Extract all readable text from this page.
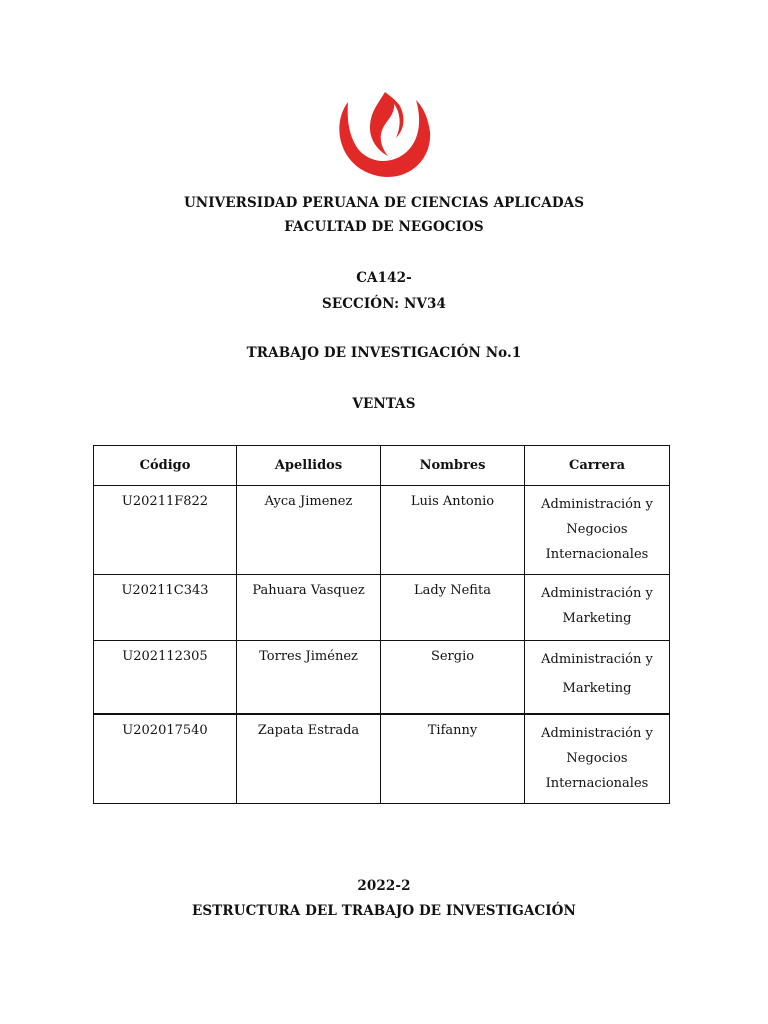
UNIVERSIDAD PERUANA DE CIENCIAS APLICADAS
FACULTAD DE NEGOCIOS
CA142-
SECCIÓN: NV34
TRABAJO DE INVESTIGACIÓN No.1
VENTAS
Código	Apellidos	Nombres	Carrera
U20211F822	Ayca Jimenez	Luis Antonio	Administración y
Negocios
Internacionales

U20211C343	Pahuara Vasquez	Lady Nefita	Administración y
Marketing

U202112305	Torres Jiménez	Sergio	Administración y
Marketing

U202017540	Zapata Estrada	Tifanny	Administración y
Negocios
Internacionales
2022-2
ESTRUCTURA DEL TRABAJO DE INVESTIGACIÓN
